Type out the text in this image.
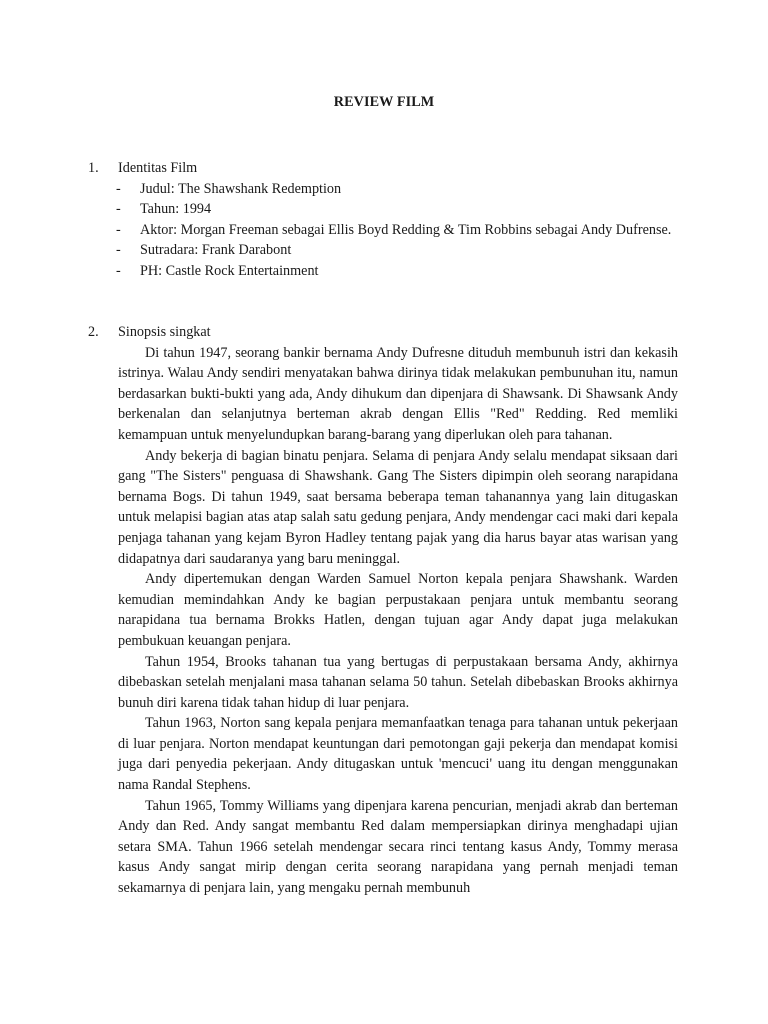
REVIEW FILM
1. Identitas Film
- Judul: The Shawshank Redemption
- Tahun: 1994
- Aktor: Morgan Freeman sebagai Ellis Boyd Redding & Tim Robbins sebagai Andy Dufrense.
- Sutradara: Frank Darabont
- PH: Castle Rock Entertainment
2. Sinopsis singkat

Di tahun 1947, seorang bankir bernama Andy Dufresne dituduh membunuh istri dan kekasih istrinya. Walau Andy sendiri menyatakan bahwa dirinya tidak melakukan pembunuhan itu, namun berdasarkan bukti-bukti yang ada, Andy dihukum dan dipenjara di Shawsank. Di Shawsank Andy berkenalan dan selanjutnya berteman akrab dengan Ellis "Red" Redding. Red memliki kemampuan untuk menyelundupkan barang-barang yang diperlukan oleh para tahanan.

Andy bekerja di bagian binatu penjara. Selama di penjara Andy selalu mendapat siksaan dari gang "The Sisters" penguasa di Shawshank. Gang The Sisters dipimpin oleh seorang narapidana bernama Bogs. Di tahun 1949, saat bersama beberapa teman tahanannya yang lain ditugaskan untuk melapisi bagian atas atap salah satu gedung penjara, Andy mendengar caci maki dari kepala penjaga tahanan yang kejam Byron Hadley tentang pajak yang dia harus bayar atas warisan yang didapatnya dari saudaranya yang baru meninggal.

Andy dipertemukan dengan Warden Samuel Norton kepala penjara Shawshank. Warden kemudian memindahkan Andy ke bagian perpustakaan penjara untuk membantu seorang narapidana tua bernama Brokks Hatlen, dengan tujuan agar Andy dapat juga melakukan pembukuan keuangan penjara.

Tahun 1954, Brooks tahanan tua yang bertugas di perpustakaan bersama Andy, akhirnya dibebaskan setelah menjalani masa tahanan selama 50 tahun. Setelah dibebaskan Brooks akhirnya bunuh diri karena tidak tahan hidup di luar penjara.

Tahun 1963, Norton sang kepala penjara memanfaatkan tenaga para tahanan untuk pekerjaan di luar penjara. Norton mendapat keuntungan dari pemotongan gaji pekerja dan mendapat komisi juga dari penyedia pekerjaan. Andy ditugaskan untuk 'mencuci' uang itu dengan menggunakan nama Randal Stephens.

Tahun 1965, Tommy Williams yang dipenjara karena pencurian, menjadi akrab dan berteman Andy dan Red. Andy sangat membantu Red dalam mempersiapkan dirinya menghadapi ujian setara SMA. Tahun 1966 setelah mendengar secara rinci tentang kasus Andy, Tommy merasa kasus Andy sangat mirip dengan cerita seorang narapidana yang pernah menjadi teman sekamarnya di penjara lain, yang mengaku pernah membunuh
